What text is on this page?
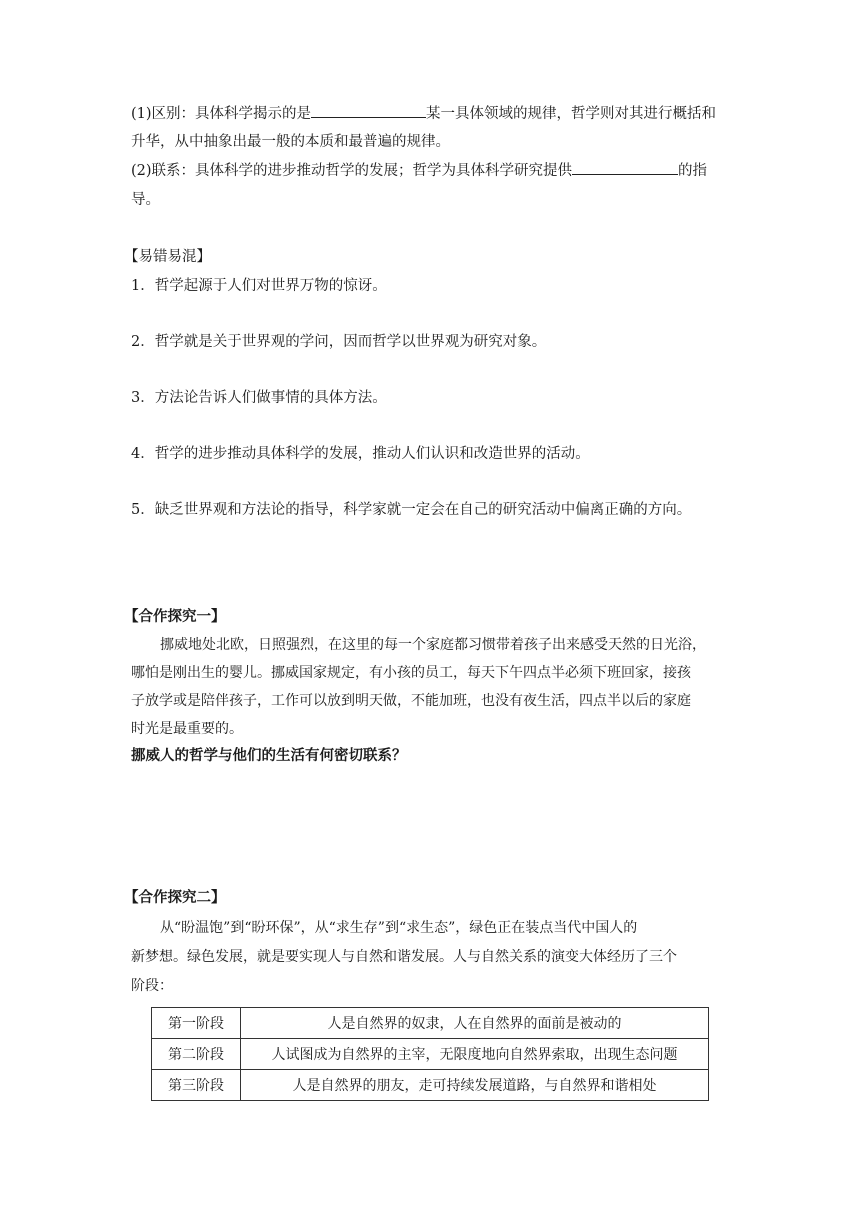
(1)区别：具体科学揭示的是	某一具体领域的规律，哲学则对其进行概括和
升华，从中抽象出最一般的本质和最普遍的规律。
(2)联系：具体科学的进步推动哲学的发展；哲学为具体科学研究提供	的指
导。
【易错易混】
1．哲学起源于人们对世界万物的惊讶。
2．哲学就是关于世界观的学问，因而哲学以世界观为研究对象。
3．方法论告诉人们做事情的具体方法。
4．哲学的进步推动具体科学的发展，推动人们认识和改造世界的活动。
5．缺乏世界观和方法论的指导，科学家就一定会在自己的研究活动中偏离正确的方向。
【合作探究一】
挪威地处北欧，日照强烈，在这里的每一个家庭都习惯带着孩子出来感受天然的日光浴，
哪怕是刚出生的婴儿。挪威国家规定，有小孩的员工，每天下午四点半必须下班回家，接孩
子放学或是陪伴孩子，工作可以放到明天做，不能加班，也没有夜生活，四点半以后的家庭
时光是最重要的。
挪威人的哲学与他们的生活有何密切联系？
【合作探究二】
从“盼温饱”到“盼环保”，从“求生存”到“求生态”，绿色正在装点当代中国人的
新梦想。绿色发展，就是要实现人与自然和谐发展。人与自然关系的演变大体经历了三个
阶段：
第一阶段	人是自然界的奴隶，人在自然界的面前是被动的
第二阶段	人试图成为自然界的主宰，无限度地向自然界索取，出现生态问题
第三阶段	人是自然界的朋友，走可持续发展道路，与自然界和谐相处
